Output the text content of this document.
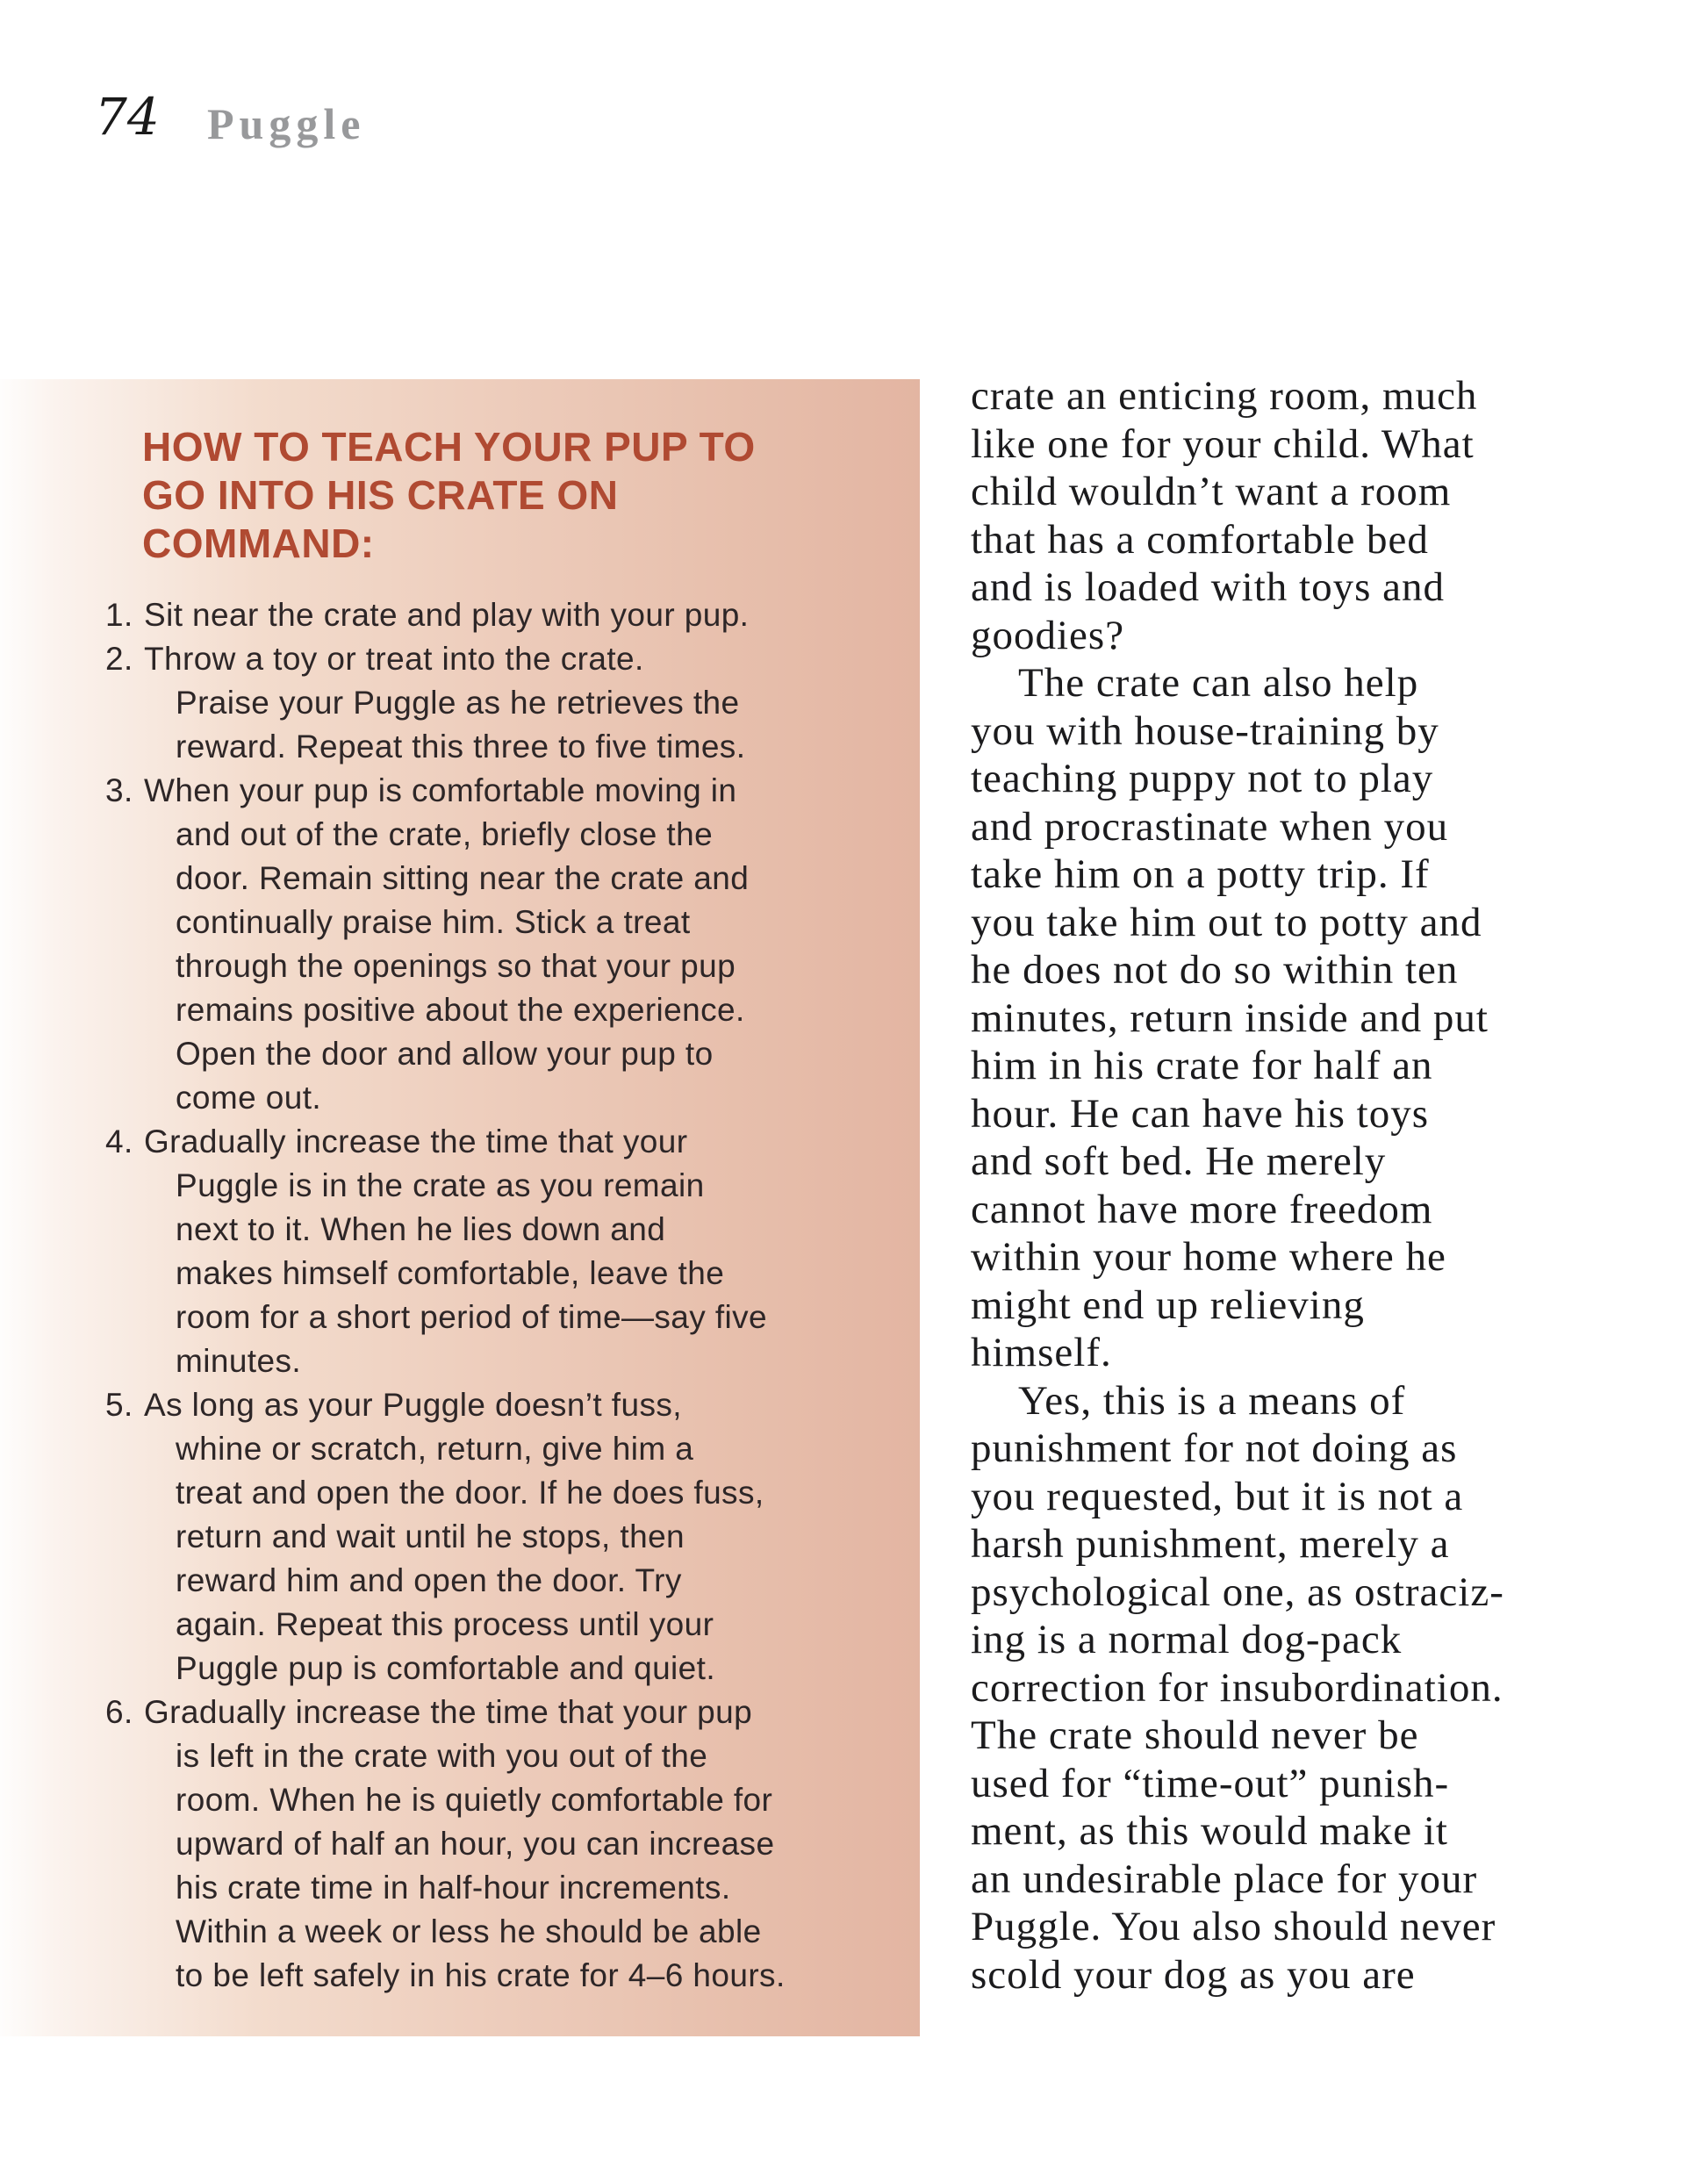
74 Puggle
HOW TO TEACH YOUR PUP TO
GO INTO HIS CRATE ON
COMMAND:
1. Sit near the crate and play with your pup.
2. Throw a toy or treat into the crate.
Praise your Puggle as he retrieves the
reward. Repeat this three to five times.
3. When your pup is comfortable moving in
and out of the crate, briefly close the
door. Remain sitting near the crate and
continually praise him. Stick a treat
through the openings so that your pup
remains positive about the experience.
Open the door and allow your pup to
come out.
4. Gradually increase the time that your
Puggle is in the crate as you remain
next to it. When he lies down and
makes himself comfortable, leave the
room for a short period of time—say five
minutes.
5. As long as your Puggle doesn’t fuss,
whine or scratch, return, give him a
treat and open the door. If he does fuss,
return and wait until he stops, then
reward him and open the door. Try
again. Repeat this process until your
Puggle pup is comfortable and quiet.
6. Gradually increase the time that your pup
is left in the crate with you out of the
room. When he is quietly comfortable for
upward of half an hour, you can increase
his crate time in half-hour increments.
Within a week or less he should be able
to be left safely in his crate for 4–6 hours.
crate an enticing room, much
like one for your child. What
child wouldn’t want a room
that has a comfortable bed
and is loaded with toys and
goodies?
The crate can also help
you with house-training by
teaching puppy not to play
and procrastinate when you
take him on a potty trip. If
you take him out to potty and
he does not do so within ten
minutes, return inside and put
him in his crate for half an
hour. He can have his toys
and soft bed. He merely
cannot have more freedom
within your home where he
might end up relieving
himself.
Yes, this is a means of
punishment for not doing as
you requested, but it is not a
harsh punishment, merely a
psychological one, as ostraciz-
ing is a normal dog-pack
correction for insubordination.
The crate should never be
used for “time-out” punish-
ment, as this would make it
an undesirable place for your
Puggle. You also should never
scold your dog as you are
